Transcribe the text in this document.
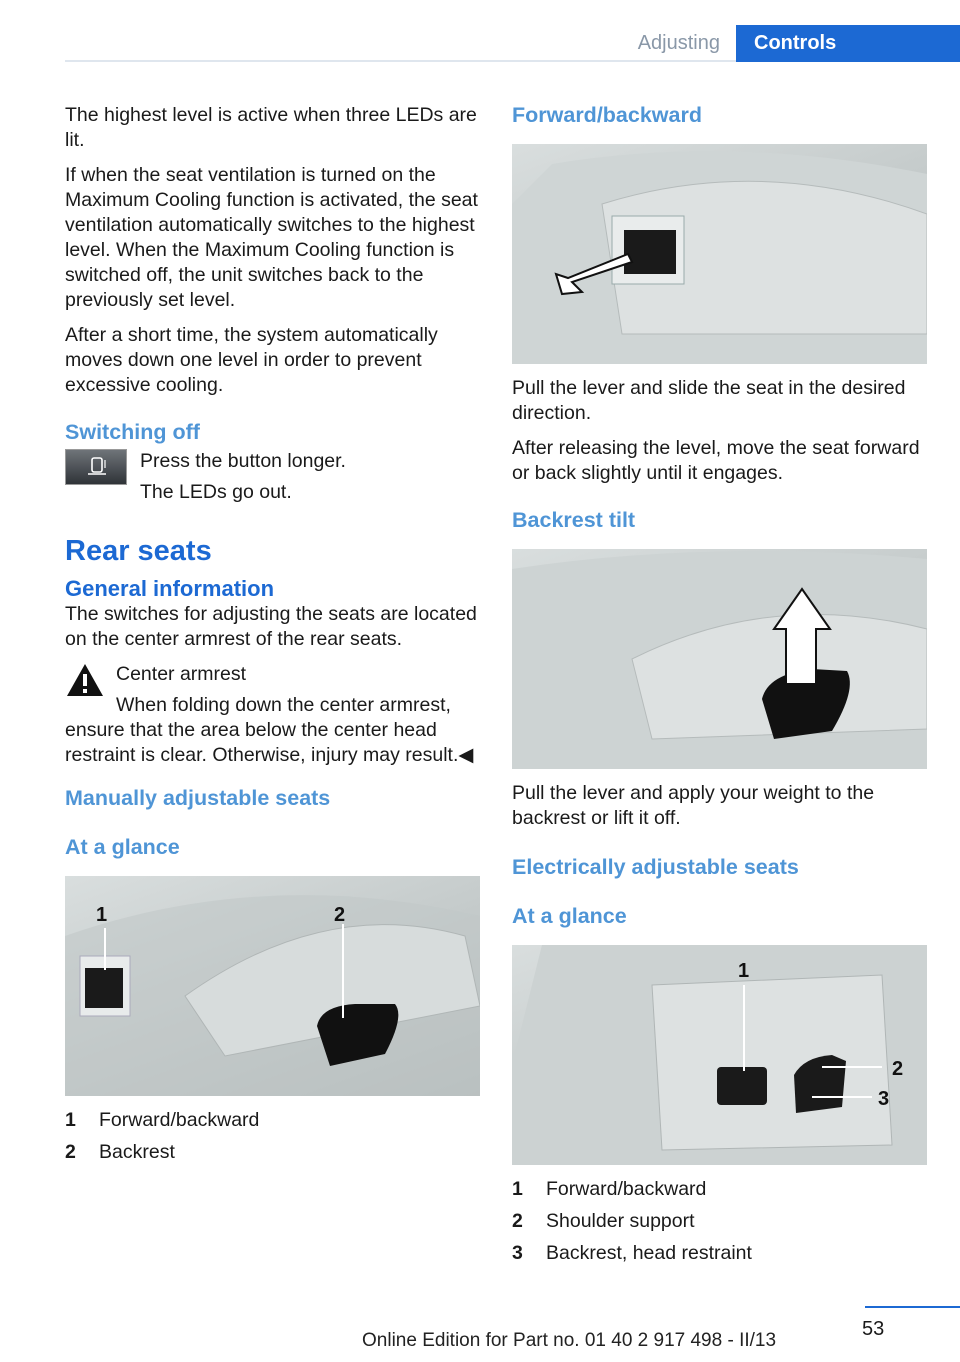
Adjusting	Controls

The highest level is active when three LEDs are lit.

If when the seat ventilation is turned on the Maximum Cooling function is activated, the seat ventilation automatically switches to the highest level. When the Maximum Cooling function is switched off, the unit switches back to the previously set level.

After a short time, the system automatically moves down one level in order to prevent excessive cooling.

Switching off

Press the button longer.

The LEDs go out.

Rear seats
General information

The switches for adjusting the seats are located on the center armrest of the rear seats.

Center armrest

When folding down the center armrest, ensure that the area below the center head restraint is clear. Otherwise, injury may result.◀

Manually adjustable seats
At a glance
1	2
1 Forward/backward
2 Backrest
Forward/backward

Pull the lever and slide the seat in the desired direction.

After releasing the level, move the seat forward or back slightly until it engages.

Backrest tilt

Pull the lever and apply your weight to the backrest or lift it off.

Electrically adjustable seats
At a glance
1
2
3
1 Forward/backward
2 Shoulder support
3 Backrest, head restraint
53
Online Edition for Part no. 01 40 2 917 498 - II/13
